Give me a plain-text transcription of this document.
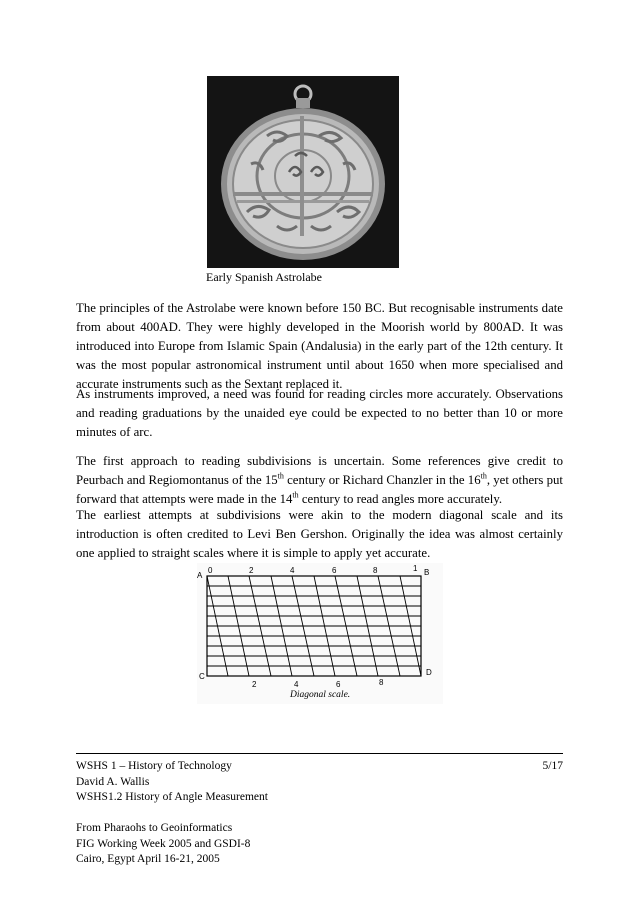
Early Spanish Astrolabe

The principles of the Astrolabe were known before 150 BC. But recognisable instruments date from about 400AD. They were highly developed in the Moorish world by 800AD. It was introduced into Europe from Islamic Spain (Andalusia) in the early part of the 12th century. It was the most popular astronomical instrument until about 1650 when more specialised and accurate instruments such as the Sextant replaced it.

As instruments improved, a need was found for reading circles more accurately. Observations and reading graduations by the unaided eye could be expected to no better than 10 or more minutes of arc.

The first approach to reading subdivisions is uncertain. Some references give credit to Peurbach and Regiomontanus of the 15th century or Richard Chanzler in the 16th, yet others put forward that attempts were made in the 14th century to read angles more accurately.

The earliest attempts at subdivisions were akin to the modern diagonal scale and its introduction is often credited to Levi Ben Gershon. Originally the idea was almost certainly one applied to straight scales where it is simple to apply yet accurate.

A	B
C	D
0	2	4	6	8	1
2	4	6	8
Diagonal scale.
WSHS 1 – History of Technology	5/17
David A. Wallis
WSHS1.2 History of Angle Measurement
From Pharaohs to Geoinformatics
FIG Working Week 2005 and GSDI-8
Cairo, Egypt April 16-21, 2005
